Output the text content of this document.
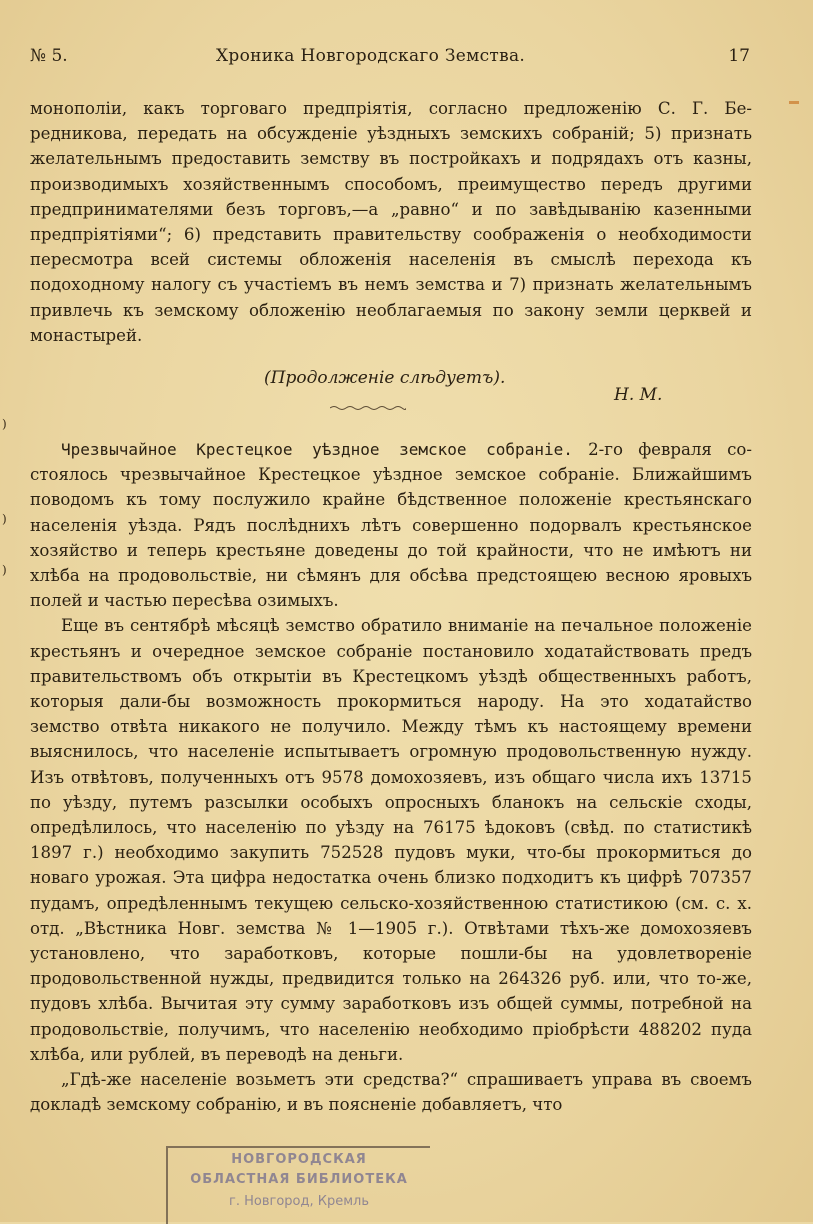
№ 5.	Хроника Новгородскаго Земства.	17

монополіи, какъ торговаго предпріятія, согласно предложенію С. Г. Бередникова, передать на обсужденіе уѣздныхъ земскихъ собраній; 5) признать желательнымъ предоставить земству въ постройкахъ и подрядахъ отъ казны, производимыхъ хозяйственнымъ способомъ, преимущество передъ другими предпринимателями безъ торговъ,—а „равно“ и по завѣдыванію казенными предпріятіями“; 6) представить правительству соображенія о необходимости пересмотра всей системы обложенія населенія въ смыслѣ перехода къ подоходному налогу съ участіемъ въ немъ земства и 7) признать желательнымъ привлечь къ земскому обложенію необлагаемыя по закону земли церквей и монастырей.

(Продолженіе слѣдуетъ).
Н. М.
)
)
)

Чрезвычайное Крестецкое уѣздное земское собраніе. 2-го февраля состоялось чрезвычайное Крестецкое уѣздное земское собраніе. Ближайшимъ поводомъ къ тому послужило крайне бѣдственное положеніе крестьянскаго населенія уѣзда. Рядъ послѣднихъ лѣтъ совершенно подорвалъ крестьянское хозяйство и теперь крестьяне доведены до той крайности, что не имѣютъ ни хлѣба на продовольствіе, ни сѣмянъ для обсѣва предстоящею весною яровыхъ полей и частью пересѣва озимыхъ.

Еще въ сентябрѣ мѣсяцѣ земство обратило вниманіе на печальное положеніе крестьянъ и очередное земское собраніе постановило ходатайствовать предъ правительствомъ объ открытіи въ Крестецкомъ уѣздѣ общественныхъ работъ, которыя дали-бы возможность прокормиться народу. На это ходатайство земство отвѣта никакого не получило. Между тѣмъ къ настоящему времени выяснилось, что населеніе испытываетъ огромную продовольственную нужду. Изъ отвѣтовъ, полученныхъ отъ 9578 домохозяевъ, изъ общаго числа ихъ 13715 по уѣзду, путемъ разсылки особыхъ опросныхъ бланокъ на сельскіе сходы, опредѣлилось, что населенію по уѣзду на 76175 ѣдоковъ (свѣд. по статистикѣ 1897 г.) необходимо закупить 752528 пудовъ муки, что-бы прокормиться до новаго урожая. Эта цифра недостатка очень близко подходитъ къ цифрѣ 707357 пудамъ, опредѣленнымъ текущею сельско-хозяйственною статистикою (см. с. х. отд. „Вѣстника Новг. земства № 1—1905 г.). Отвѣтами тѣхъ-же домохозяевъ установлено, что заработковъ, которые пошли-бы на удовлетвореніе продовольственной нужды, предвидится только на 264326 руб. или, что то-же, пудовъ хлѣба. Вычитая эту сумму заработковъ изъ общей суммы, потребной на продовольствіе, получимъ, что населенію необходимо пріобрѣсти 488202 пуда хлѣба, или рублей, въ переводѣ на деньги.

„Гдѣ-же населеніе возьметъ эти средства?“ спрашиваетъ управа въ своемъ докладѣ земскому собранію, и въ поясненіе добавляетъ, что

НОВГОРОДСКАЯ
ОБЛАСТНАЯ БИБЛИОТЕКА
г. Новгород, Кремль
